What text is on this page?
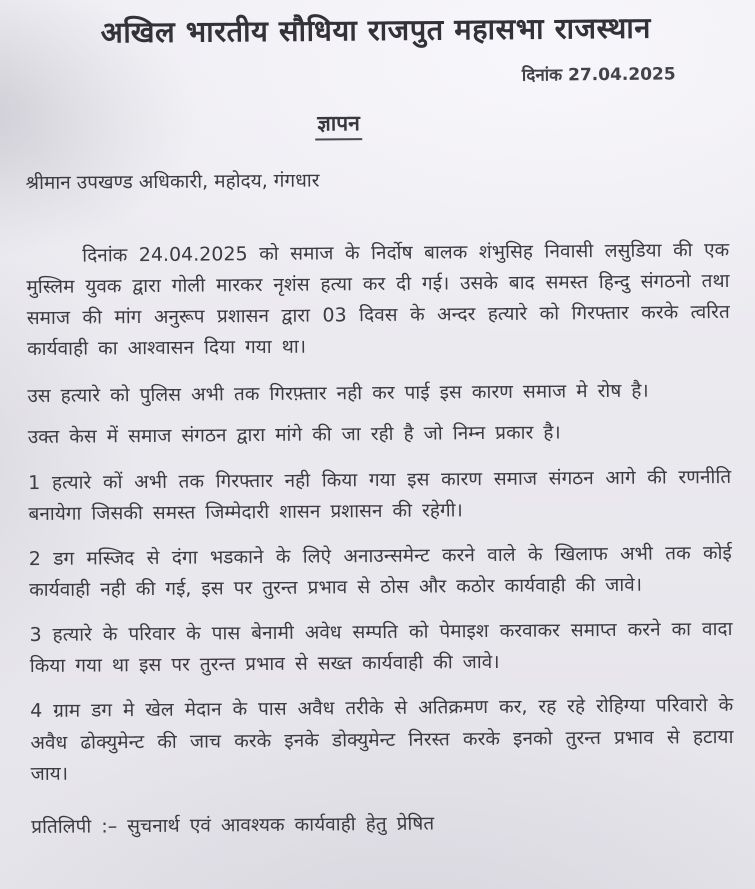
अखिल भारतीय सौधिया राजपुत महासभा राजस्थान
दिनांक 27.04.2025
ज्ञापन
श्रीमान उपखण्ड अधिकारी, महोदय, गंगधार
दिनांक 24.04.2025 को समाज के निर्दोष बालक शंभुसिह निवासी लसुडिया की एक मुस्लिम युवक द्वारा गोली मारकर नृशंस हत्या कर दी गई। उसके बाद समस्त हिन्दु संगठनो तथा समाज की मांग अनुरूप प्रशासन द्वारा 03 दिवस के अन्दर हत्यारे को गिरफ्तार करके त्वरित कार्यवाही का आश्वासन दिया गया था।
उस हत्यारे को पुलिस अभी तक गिरफ़्तार नही कर पाई इस कारण समाज मे रोष है।
उक्त केस में समाज संगठन द्वारा मांगे की जा रही है जो निम्न प्रकार है।
1 हत्यारे कों अभी तक गिरफ्तार नही किया गया इस कारण समाज संगठन आगे की रणनीति बनायेगा जिसकी समस्त जिम्मेदारी शासन प्रशासन की रहेगी।
2 डग मस्जिद से दंगा भडकाने के लिऐ अनाउन्समेन्ट करने वाले के खिलाफ अभी तक कोई कार्यवाही नही की गई, इस पर तुरन्त प्रभाव से ठोस और कठोर कार्यवाही की जावे।
3 हत्यारे के परिवार के पास बेनामी अवेध सम्पति को पेमाइश करवाकर समाप्त करने का वादा किया गया था इस पर तुरन्त प्रभाव से सख्त कार्यवाही की जावे।
4 ग्राम डग मे खेल मेदान के पास अवैध तरीके से अतिक्रमण कर, रह रहे रोहिग्या परिवारो के अवैध ढोक्युमेन्ट की जाच करके इनके डोक्युमेन्ट निरस्त करके इनको तुरन्त प्रभाव से हटाया जाय।
प्रतिलिपी :– सुचनार्थ एवं आवश्यक कार्यवाही हेतु प्रेषित
